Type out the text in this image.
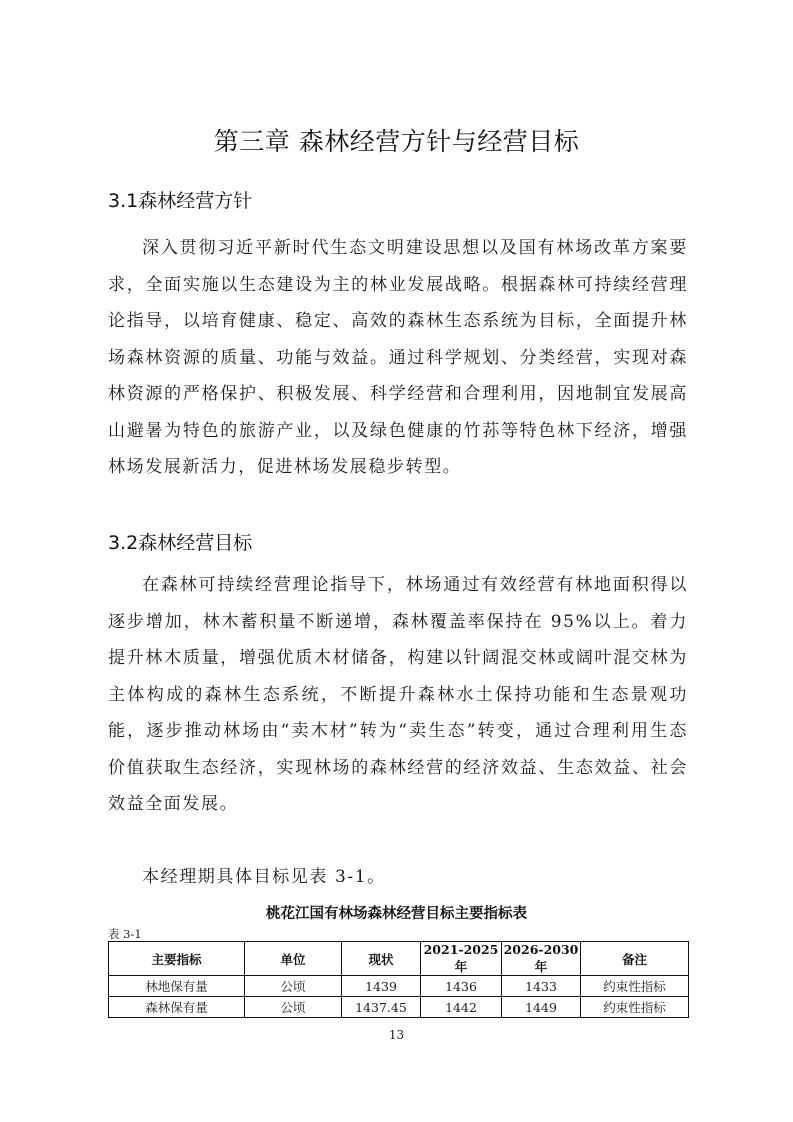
第三章 森林经营方针与经营目标
3.1森林经营方针
深入贯彻习近平新时代生态文明建设思想以及国有林场改革方案要求，全面实施以生态建设为主的林业发展战略。根据森林可持续经营理论指导，以培育健康、稳定、高效的森林生态系统为目标，全面提升林场森林资源的质量、功能与效益。通过科学规划、分类经营，实现对森林资源的严格保护、积极发展、科学经营和合理利用，因地制宜发展高山避暑为特色的旅游产业，以及绿色健康的竹荪等特色林下经济，增强林场发展新活力，促进林场发展稳步转型。
3.2森林经营目标
在森林可持续经营理论指导下，林场通过有效经营有林地面积得以逐步增加，林木蓄积量不断递增，森林覆盖率保持在 95%以上。着力提升林木质量，增强优质木材储备，构建以针阔混交林或阔叶混交林为主体构成的森林生态系统，不断提升森林水土保持功能和生态景观功能，逐步推动林场由“卖木材”转为“卖生态”转变，通过合理利用生态价值获取生态经济，实现林场的森林经营的经济效益、生态效益、社会效益全面发展。
本经理期具体目标见表 3-1。
桃花江国有林场森林经营目标主要指标表
表 3-1
主要指标	单位	现状	2021-2025 年	2026-2030 年	备注
林地保有量	公顷	1439	1436	1433	约束性指标
森林保有量	公顷	1437.45	1442	1449	约束性指标
13
